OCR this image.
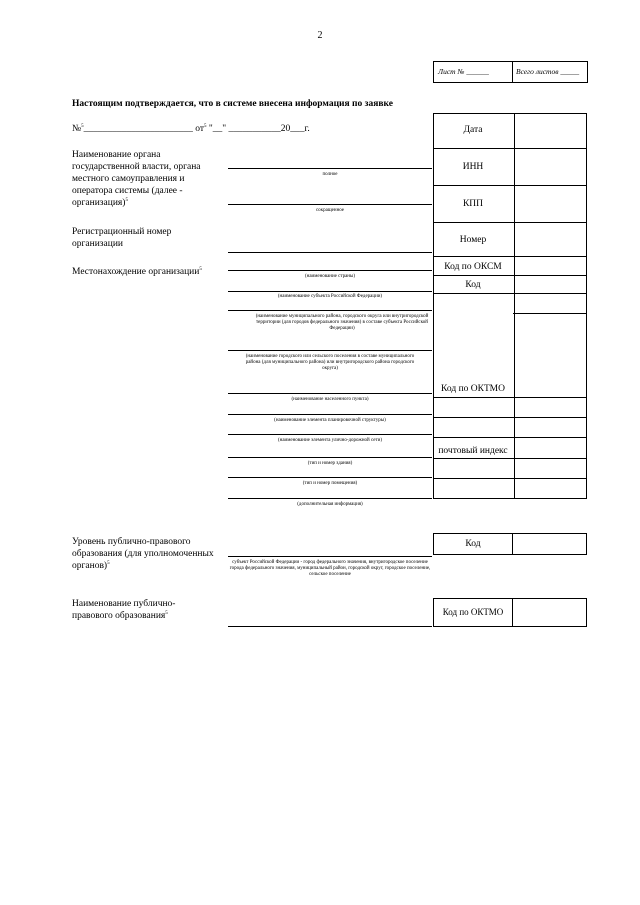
2
Лист № ______	Всего листов _____
Настоящим подтверждается, что в системе внесена информация по заявке
№$^5$_______________________ $от^5$ "__" ___________20___г.
Наименование органа государственной власти, органа местного самоуправления и оператора системы (далее - организация)$^5$
Регистрационный номер организации
Местонахождение организации$^5$
Уровень публично-правового образования (для уполномоченных органов)$^5$
Наименование публично-правового образования$^5$
полное
сокращенное
(наименование страны)
(наименование субъекта Российской Федерации)
(наименование муниципального района, городского округа или внутригородской территории (для городов федерального значения) в составе субъекта Российской Федерации)
(наименование городского или сельского поселения в составе муниципального района (для муниципального района) или внутригородского района городского округа)
(наименование населенного пункта)
(наименование элемента планировочной структуры)
(наименование элемента улично-дорожной сети)
(тип и номер здания)
(тип и номер помещения)
(дополнительная информация)
субъект Российской Федерации - город федерального значения, внутригородское поселение города федерального значения, муниципальный район, городской округ, городское поселение, сельское поселение
Дата
ИНН
КПП
Номер
Код по ОКСМ
Код
Код по ОКТМО
почтовый индекс
Код
Код по ОКТМО
